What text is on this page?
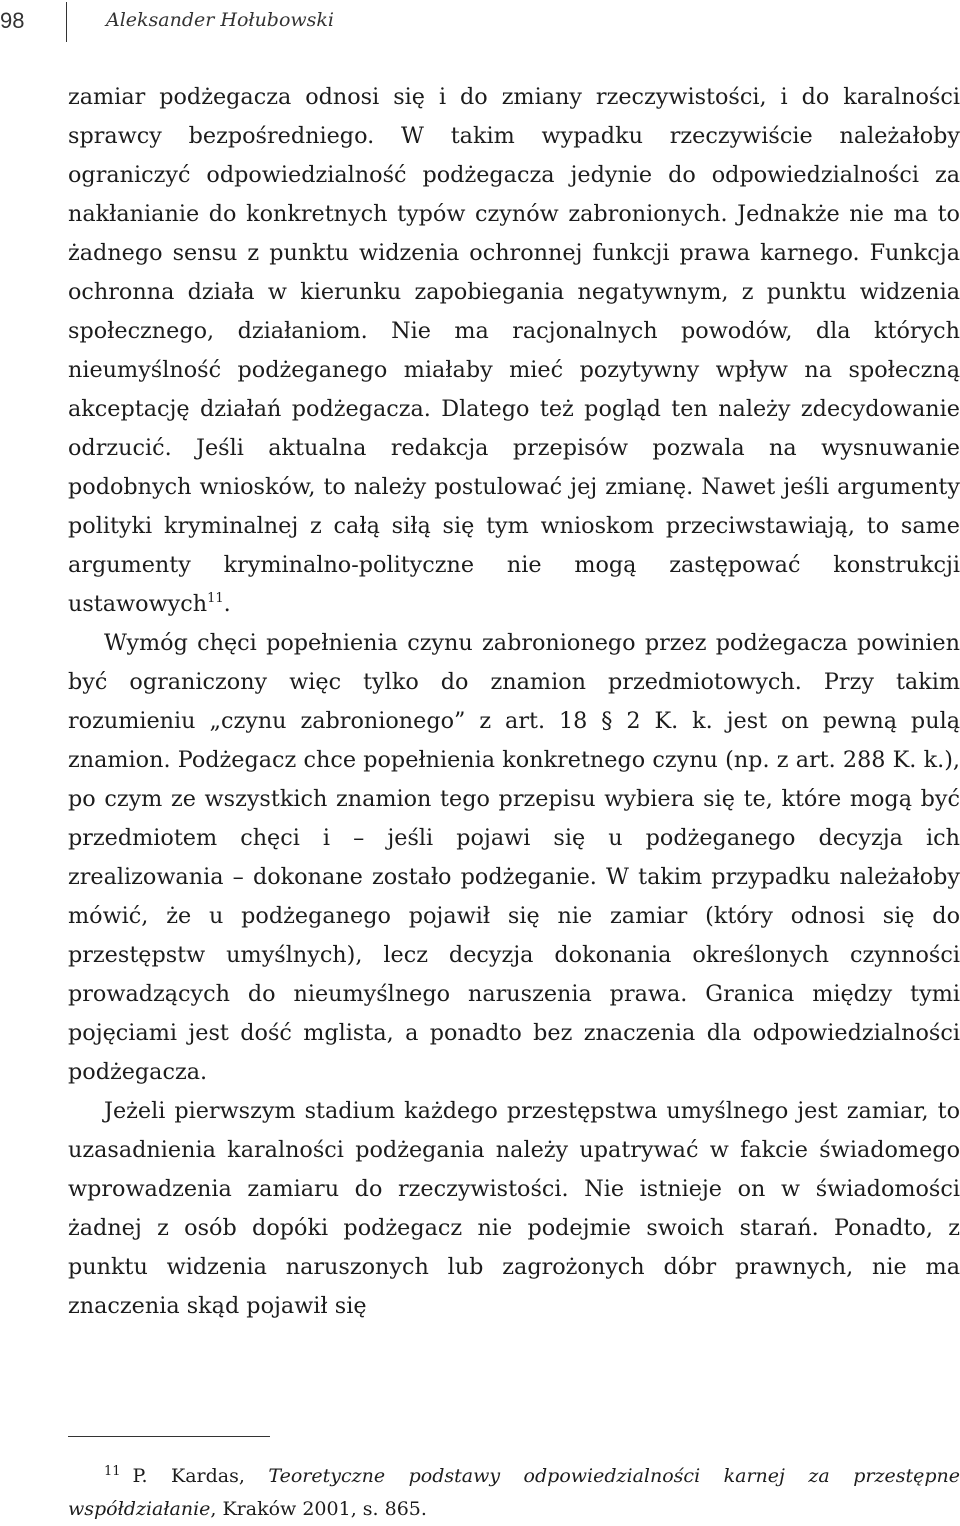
98	Aleksander Hołubowski

zamiar podżegacza odnosi się i do zmiany rzeczywistości, i do karalności sprawcy bezpośredniego. W takim wypadku rzeczywiście należałoby ograniczyć odpowiedzialność podżegacza jedynie do odpowiedzialności za nakłanianie do konkretnych typów czynów zabronionych. Jednakże nie ma to żadnego sensu z punktu widzenia ochronnej funkcji prawa karnego. Funkcja ochronna działa w kierunku zapobiegania negatywnym, z punktu widzenia społecznego, działaniom. Nie ma racjonalnych powodów, dla których nieumyślność podżeganego miałaby mieć pozytywny wpływ na społeczną akceptację działań podżegacza. Dlatego też pogląd ten należy zdecydowanie odrzucić. Jeśli aktualna redakcja przepisów pozwala na wysnuwanie podobnych wniosków, to należy postulować jej zmianę. Nawet jeśli argumenty polityki kryminalnej z całą siłą się tym wnioskom przeciwstawiają, to same argumenty kryminalno-polityczne nie mogą zastępować konstrukcji ustawowych$^{11}$.

Wymóg chęci popełnienia czynu zabronionego przez podżegacza powinien być ograniczony więc tylko do znamion przedmiotowych. Przy takim rozumieniu „czynu zabronionego” z art. 18 § 2 K. k. jest on pewną pulą znamion. Podżegacz chce popełnienia konkretnego czynu (np. z art. 288 K. k.), po czym ze wszystkich znamion tego przepisu wybiera się te, które mogą być przedmiotem chęci i – jeśli pojawi się u podżeganego decyzja ich zrealizowania – dokonane zostało podżeganie. W takim przypadku należałoby mówić, że u podżeganego pojawił się nie zamiar (który odnosi się do przestępstw umyślnych), lecz decyzja dokonania określonych czynności prowadzących do nieumyślnego naruszenia prawa. Granica między tymi pojęciami jest dość mglista, a ponadto bez znaczenia dla odpowiedzialności podżegacza.

Jeżeli pierwszym stadium każdego przestępstwa umyślnego jest zamiar, to uzasadnienia karalności podżegania należy upatrywać w fakcie świadomego wprowadzenia zamiaru do rzeczywistości. Nie istnieje on w świadomości żadnej z osób dopóki podżegacz nie podejmie swoich starań. Ponadto, z punktu widzenia naruszonych lub zagrożonych dóbr prawnych, nie ma znaczenia skąd pojawił się

11 P. Kardas, Teoretyczne podstawy odpowiedzialności karnej za przestępne współdziałanie, Kraków 2001, s. 865.
